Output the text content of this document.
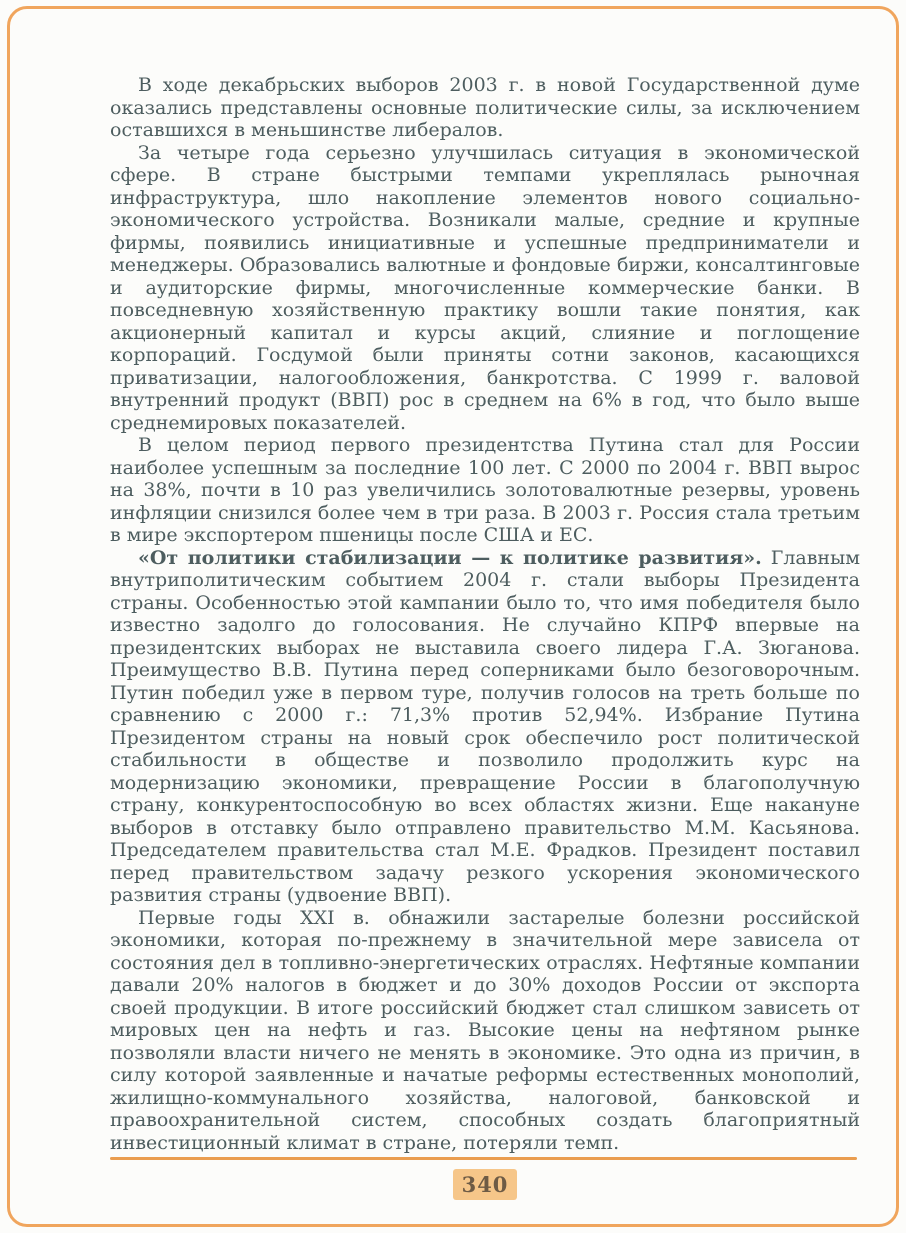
В ходе декабрьских выборов 2003 г. в новой Государственной думе оказались представлены основные политические силы, за исключением оставшихся в меньшинстве либералов.

За четыре года серьезно улучшилась ситуация в экономической сфере. В стране быстрыми темпами укреплялась рыночная инфраструктура, шло накопление элементов нового социально-экономического устройства. Возникали малые, средние и крупные фирмы, появились инициативные и успешные предприниматели и менеджеры. Образовались валютные и фондовые биржи, консалтинговые и аудиторские фирмы, многочисленные коммерческие банки. В повседневную хозяйственную практику вошли такие понятия, как акционерный капитал и курсы акций, слияние и поглощение корпораций. Госдумой были приняты сотни законов, касающихся приватизации, налогообложения, банкротства. С 1999 г. валовой внутренний продукт (ВВП) рос в среднем на 6% в год, что было выше среднемировых показателей.

В целом период первого президентства Путина стал для России наиболее успешным за последние 100 лет. С 2000 по 2004 г. ВВП вырос на 38%, почти в 10 раз увеличились золотовалютные резервы, уровень инфляции снизился более чем в три раза. В 2003 г. Россия стала третьим в мире экспортером пшеницы после США и ЕС.

«От политики стабилизации — к политике развития». Главным внутриполитическим событием 2004 г. стали выборы Президента страны. Особенностью этой кампании было то, что имя победителя было известно задолго до голосования. Не случайно КПРФ впервые на президентских выборах не выставила своего лидера Г.А. Зюганова. Преимущество В.В. Путина перед соперниками было безоговорочным. Путин победил уже в первом туре, получив голосов на треть больше по сравнению с 2000 г.: 71,3% против 52,94%. Избрание Путина Президентом страны на новый срок обеспечило рост политической стабильности в обществе и позволило продолжить курс на модернизацию экономики, превращение России в благополучную страну, конкурентоспособную во всех областях жизни. Еще накануне выборов в отставку было отправлено правительство М.М. Касьянова. Председателем правительства стал М.Е. Фрадков. Президент поставил перед правительством задачу резкого ускорения экономического развития страны (удвоение ВВП).

Первые годы XXI в. обнажили застарелые болезни российской экономики, которая по-прежнему в значительной мере зависела от состояния дел в топливно-энергетических отраслях. Нефтяные компании давали 20% налогов в бюджет и до 30% доходов России от экспорта своей продукции. В итоге российский бюджет стал слишком зависеть от мировых цен на нефть и газ. Высокие цены на нефтяном рынке позволяли власти ничего не менять в экономике. Это одна из причин, в силу которой заявленные и начатые реформы естественных монополий, жилищно-коммунального хозяйства, налоговой, банковской и правоохранительной систем, способных создать благоприятный инвестиционный климат в стране, потеряли темп.

340
